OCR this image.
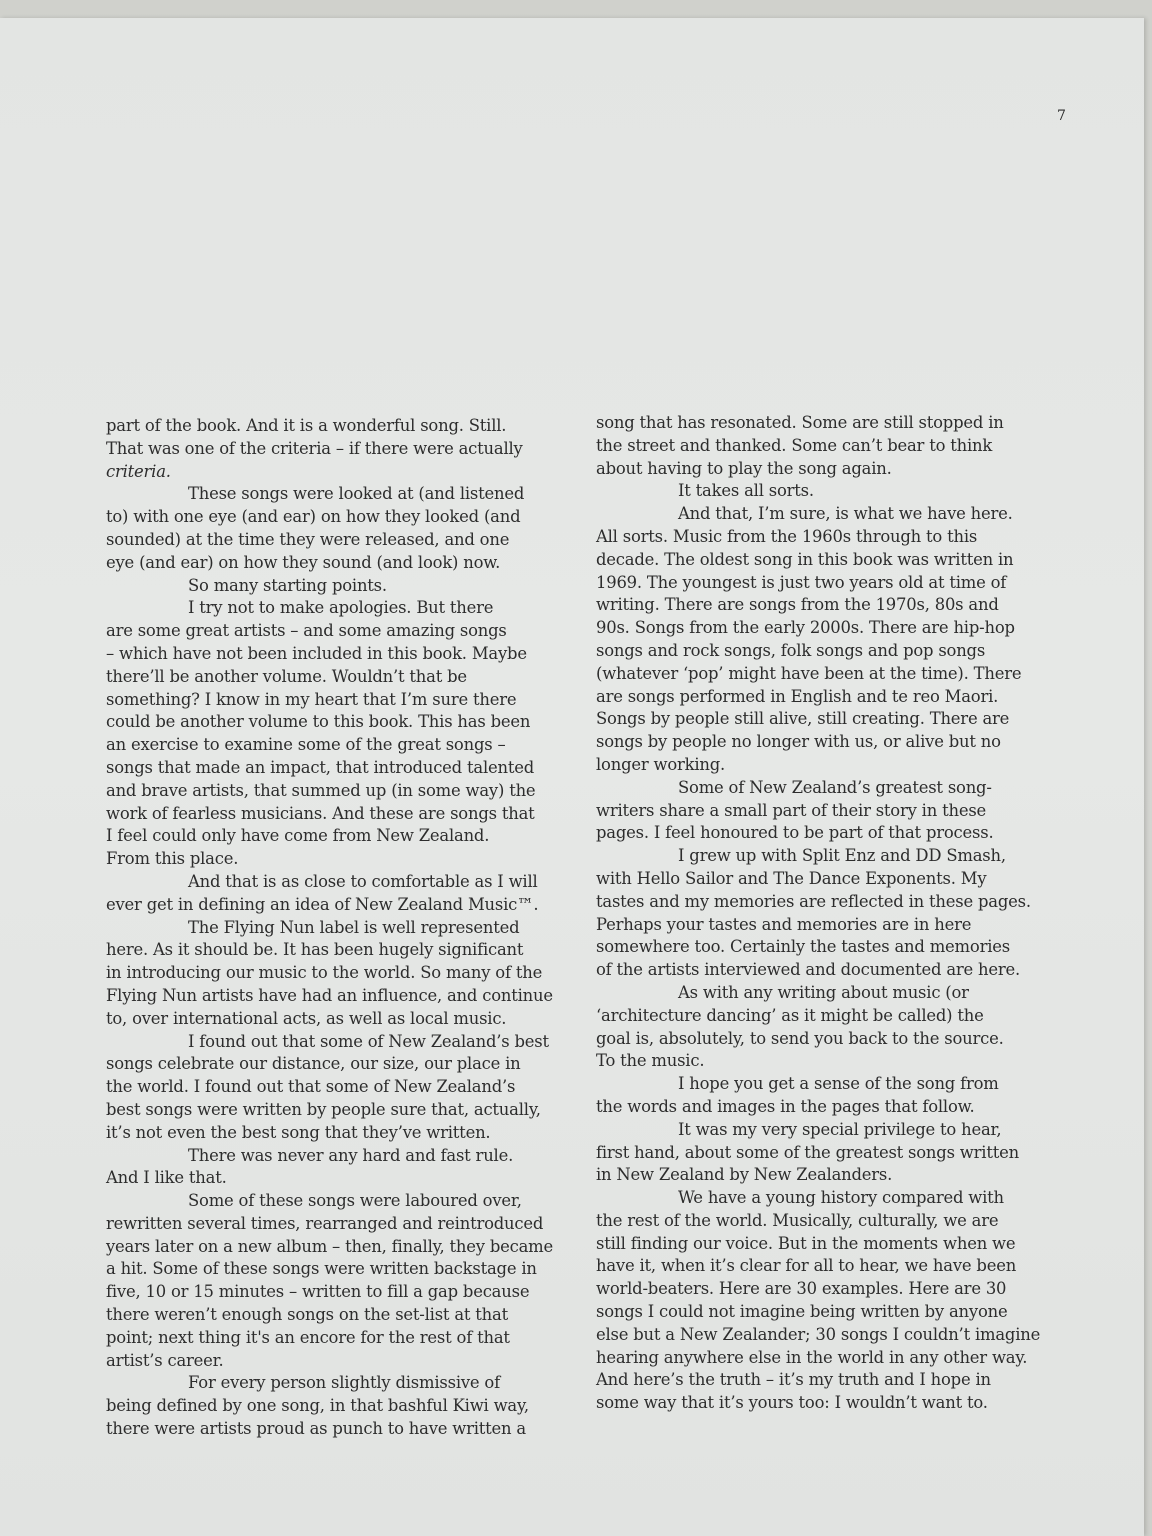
7

part of the book. And it is a wonderful song. Still.

That was one of the criteria – if there were actually

criteria.

These songs were looked at (and listened

to) with one eye (and ear) on how they looked (and

sounded) at the time they were released, and one

eye (and ear) on how they sound (and look) now.

So many starting points.

I try not to make apologies. But there

are some great artists – and some amazing songs

– which have not been included in this book. Maybe

there’ll be another volume. Wouldn’t that be

something? I know in my heart that I’m sure there

could be another volume to this book. This has been

an exercise to examine some of the great songs –

songs that made an impact, that introduced talented

and brave artists, that summed up (in some way) the

work of fearless musicians. And these are songs that

I feel could only have come from New Zealand.

From this place.

And that is as close to comfortable as I will

ever get in defining an idea of New Zealand Music™.

The Flying Nun label is well represented

here. As it should be. It has been hugely significant

in introducing our music to the world. So many of the

Flying Nun artists have had an influence, and continue

to, over international acts, as well as local music.

I found out that some of New Zealand’s best

songs celebrate our distance, our size, our place in

the world. I found out that some of New Zealand’s

best songs were written by people sure that, actually,

it’s not even the best song that they’ve written.

There was never any hard and fast rule.

And I like that.

Some of these songs were laboured over,

rewritten several times, rearranged and reintroduced

years later on a new album – then, finally, they became

a hit. Some of these songs were written backstage in

five, 10 or 15 minutes – written to fill a gap because

there weren’t enough songs on the set-list at that

point; next thing it's an encore for the rest of that

artist’s career.

For every person slightly dismissive of

being defined by one song, in that bashful Kiwi way,

there were artists proud as punch to have written a

song that has resonated. Some are still stopped in

the street and thanked. Some can’t bear to think

about having to play the song again.

It takes all sorts.

And that, I’m sure, is what we have here.

All sorts. Music from the 1960s through to this

decade. The oldest song in this book was written in

1969. The youngest is just two years old at time of

writing. There are songs from the 1970s, 80s and

90s. Songs from the early 2000s. There are hip-hop

songs and rock songs, folk songs and pop songs

(whatever ‘pop’ might have been at the time). There

are songs performed in English and te reo Maori.

Songs by people still alive, still creating. There are

songs by people no longer with us, or alive but no

longer working.

Some of New Zealand’s greatest song-

writers share a small part of their story in these

pages. I feel honoured to be part of that process.

I grew up with Split Enz and DD Smash,

with Hello Sailor and The Dance Exponents. My

tastes and my memories are reflected in these pages.

Perhaps your tastes and memories are in here

somewhere too. Certainly the tastes and memories

of the artists interviewed and documented are here.

As with any writing about music (or

‘architecture dancing’ as it might be called) the

goal is, absolutely, to send you back to the source.

To the music.

I hope you get a sense of the song from

the words and images in the pages that follow.

It was my very special privilege to hear,

first hand, about some of the greatest songs written

in New Zealand by New Zealanders.

We have a young history compared with

the rest of the world. Musically, culturally, we are

still finding our voice. But in the moments when we

have it, when it’s clear for all to hear, we have been

world-beaters. Here are 30 examples. Here are 30

songs I could not imagine being written by anyone

else but a New Zealander; 30 songs I couldn’t imagine

hearing anywhere else in the world in any other way.

And here’s the truth – it’s my truth and I hope in

some way that it’s yours too: I wouldn’t want to.
